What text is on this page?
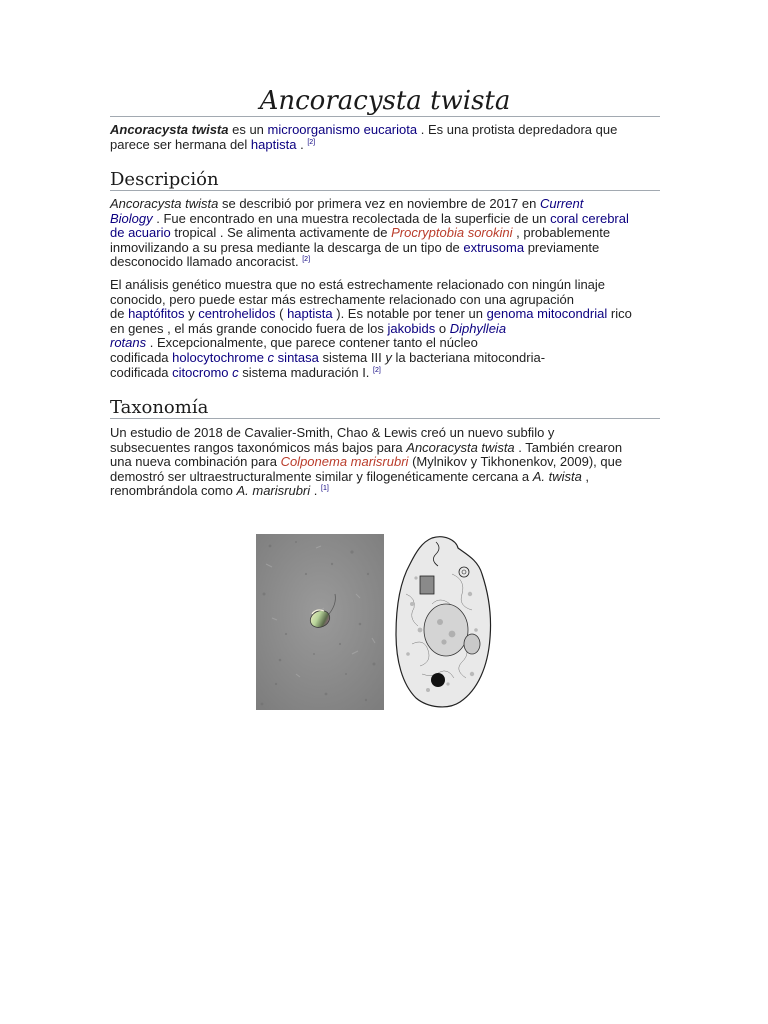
Ancoracysta twista
Ancoracysta twista es un microorganismo eucariota . Es una protista depredadora que
parece ser hermana del haptista . [2]
Descripción
Ancoracysta twista se describió por primera vez en noviembre de 2017 en Current
Biology . Fue encontrado en una muestra recolectada de la superficie de un coral cerebral
de acuario tropical . Se alimenta activamente de Procryptobia sorokini , probablemente
inmovilizando a su presa mediante la descarga de un tipo de extrusoma previamente
desconocido llamado ancoracist. [2]
El análisis genético muestra que no está estrechamente relacionado con ningún linaje
conocido, pero puede estar más estrechamente relacionado con una agrupación
de haptófitos y centrohelidos ( haptista ). Es notable por tener un genoma mitocondrial rico
en genes , el más grande conocido fuera de los jakobids o Diphylleia
rotans . Excepcionalmente, que parece contener tanto el núcleo
codificada holocytochrome c sintasa sistema III y la bacteriana mitocondria-
codificada citocromo c sistema maduración I. [2]
Taxonomía
Un estudio de 2018 de Cavalier-Smith, Chao & Lewis creó un nuevo subfilo y
subsecuentes rangos taxonómicos más bajos para Ancoracysta twista . También crearon
una nueva combinación para Colponema marisrubri (Mylnikov y Tikhonenkov, 2009), que
demostró ser ultraestructuralmente similar y filogenéticamente cercana a A. twista ,
renombrándola como A. marisrubri . [1]
